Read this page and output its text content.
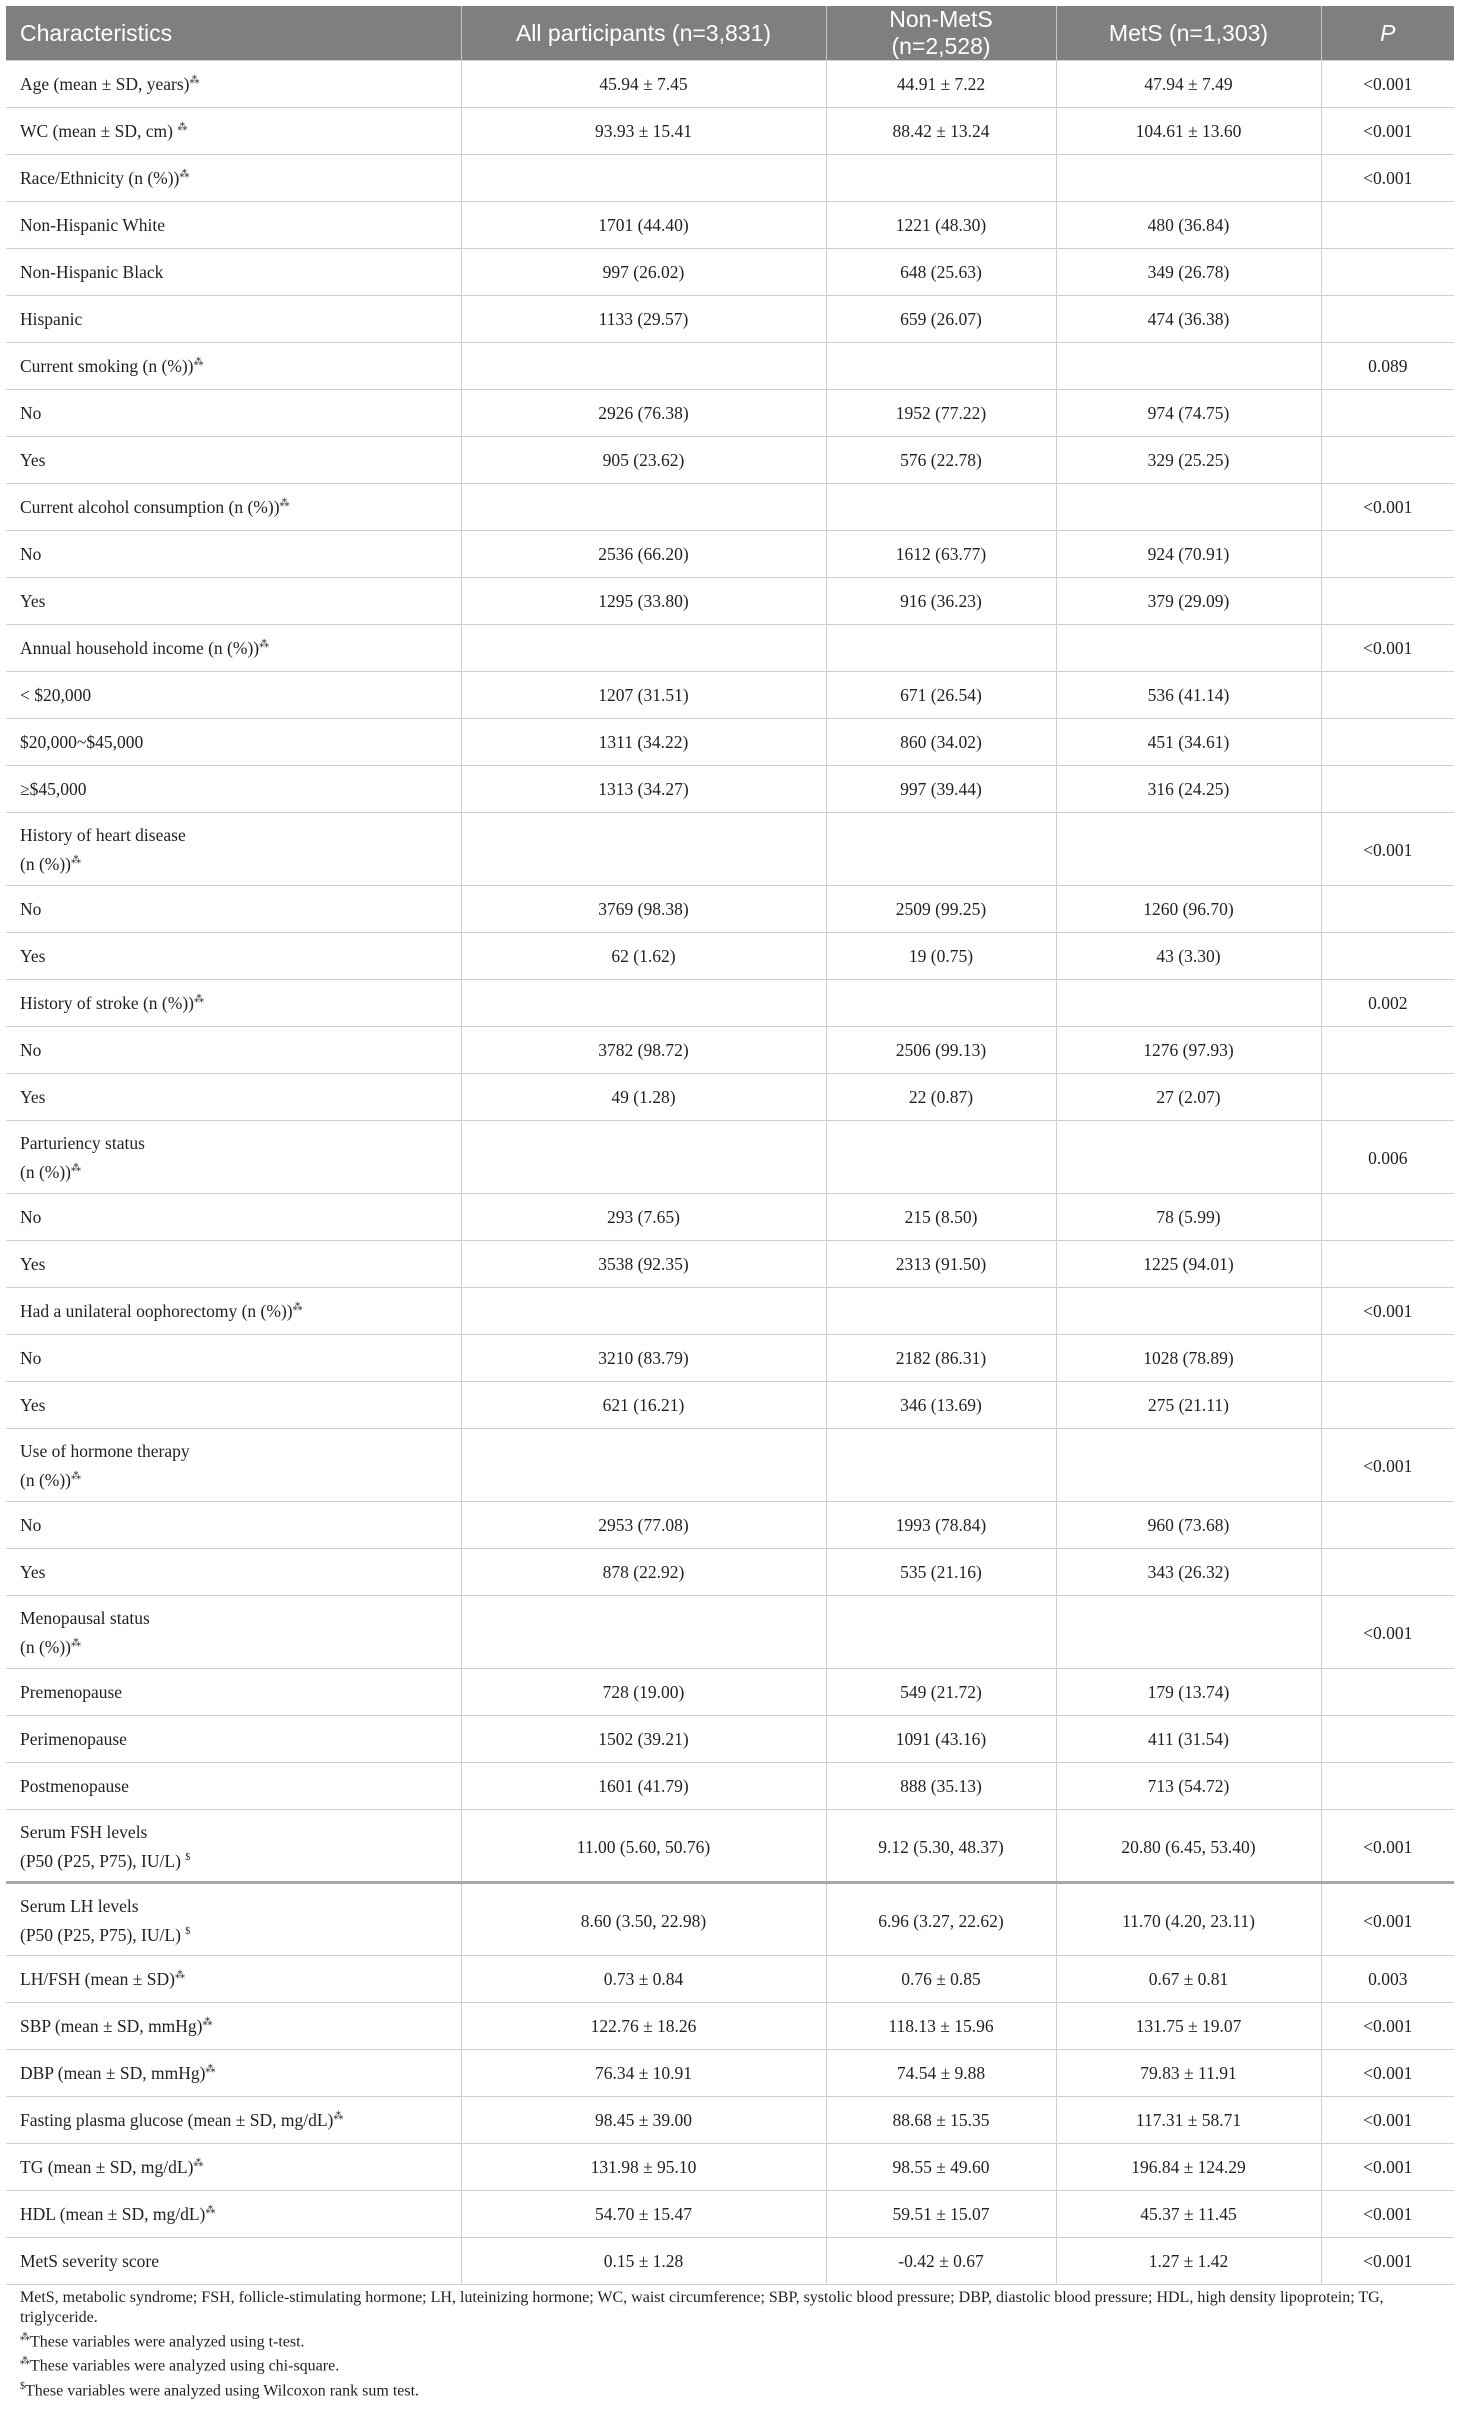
Characteristics	All participants (n=3,831)	Non-MetS (n=2,528)	MetS (n=1,303)	P
Age (mean ± SD, years)⁂	45.94 ± 7.45	44.91 ± 7.22	47.94 ± 7.49	<0.001
WC (mean ± SD, cm) ⁂	93.93 ± 15.41	88.42 ± 13.24	104.61 ± 13.60	<0.001
Race/Ethnicity (n (%))⁂				<0.001
Non-Hispanic White	1701 (44.40)	1221 (48.30)	480 (36.84)	
Non-Hispanic Black	997 (26.02)	648 (25.63)	349 (26.78)	
Hispanic	1133 (29.57)	659 (26.07)	474 (36.38)	
Current smoking (n (%))⁂				0.089
No	2926 (76.38)	1952 (77.22)	974 (74.75)	
Yes	905 (23.62)	576 (22.78)	329 (25.25)	
Current alcohol consumption (n (%))⁂				<0.001
No	2536 (66.20)	1612 (63.77)	924 (70.91)	
Yes	1295 (33.80)	916 (36.23)	379 (29.09)	
Annual household income (n (%))⁂				<0.001
< $20,000	1207 (31.51)	671 (26.54)	536 (41.14)	
$20,000~$45,000	1311 (34.22)	860 (34.02)	451 (34.61)	
≥$45,000	1313 (34.27)	997 (39.44)	316 (24.25)	
History of heart disease
(n (%))⁂				<0.001
No	3769 (98.38)	2509 (99.25)	1260 (96.70)	
Yes	62 (1.62)	19 (0.75)	43 (3.30)	
History of stroke (n (%))⁂				0.002
No	3782 (98.72)	2506 (99.13)	1276 (97.93)	
Yes	49 (1.28)	22 (0.87)	27 (2.07)	
Parturiency status
(n (%))⁂				0.006
No	293 (7.65)	215 (8.50)	78 (5.99)	
Yes	3538 (92.35)	2313 (91.50)	1225 (94.01)	
Had a unilateral oophorectomy (n (%))⁂				<0.001
No	3210 (83.79)	2182 (86.31)	1028 (78.89)	
Yes	621 (16.21)	346 (13.69)	275 (21.11)	
Use of hormone therapy
(n (%))⁂				<0.001
No	2953 (77.08)	1993 (78.84)	960 (73.68)	
Yes	878 (22.92)	535 (21.16)	343 (26.32)	
Menopausal status
(n (%))⁂				<0.001
Premenopause	728 (19.00)	549 (21.72)	179 (13.74)	
Perimenopause	1502 (39.21)	1091 (43.16)	411 (31.54)	
Postmenopause	1601 (41.79)	888 (35.13)	713 (54.72)	
Serum FSH levels
(P50 (P25, P75), IU/L) $	11.00 (5.60, 50.76)	9.12 (5.30, 48.37)	20.80 (6.45, 53.40)	<0.001
Serum LH levels
(P50 (P25, P75), IU/L) $	8.60 (3.50, 22.98)	6.96 (3.27, 22.62)	11.70 (4.20, 23.11)	<0.001
LH/FSH (mean ± SD)⁂	0.73 ± 0.84	0.76 ± 0.85	0.67 ± 0.81	0.003
SBP (mean ± SD, mmHg)⁂	122.76 ± 18.26	118.13 ± 15.96	131.75 ± 19.07	<0.001
DBP (mean ± SD, mmHg)⁂	76.34 ± 10.91	74.54 ± 9.88	79.83 ± 11.91	<0.001
Fasting plasma glucose (mean ± SD, mg/dL)⁂	98.45 ± 39.00	88.68 ± 15.35	117.31 ± 58.71	<0.001
TG (mean ± SD, mg/dL)⁂	131.98 ± 95.10	98.55 ± 49.60	196.84 ± 124.29	<0.001
HDL (mean ± SD, mg/dL)⁂	54.70 ± 15.47	59.51 ± 15.07	45.37 ± 11.45	<0.001
MetS severity score	0.15 ± 1.28	-0.42 ± 0.67	1.27 ± 1.42	<0.001
MetS, metabolic syndrome; FSH, follicle-stimulating hormone; LH, luteinizing hormone; WC, waist circumference; SBP, systolic blood pressure; DBP, diastolic blood pressure; HDL, high density lipoprotein; TG, triglyceride.
⁂These variables were analyzed using t-test.
⁂These variables were analyzed using chi-square.
$These variables were analyzed using Wilcoxon rank sum test.
